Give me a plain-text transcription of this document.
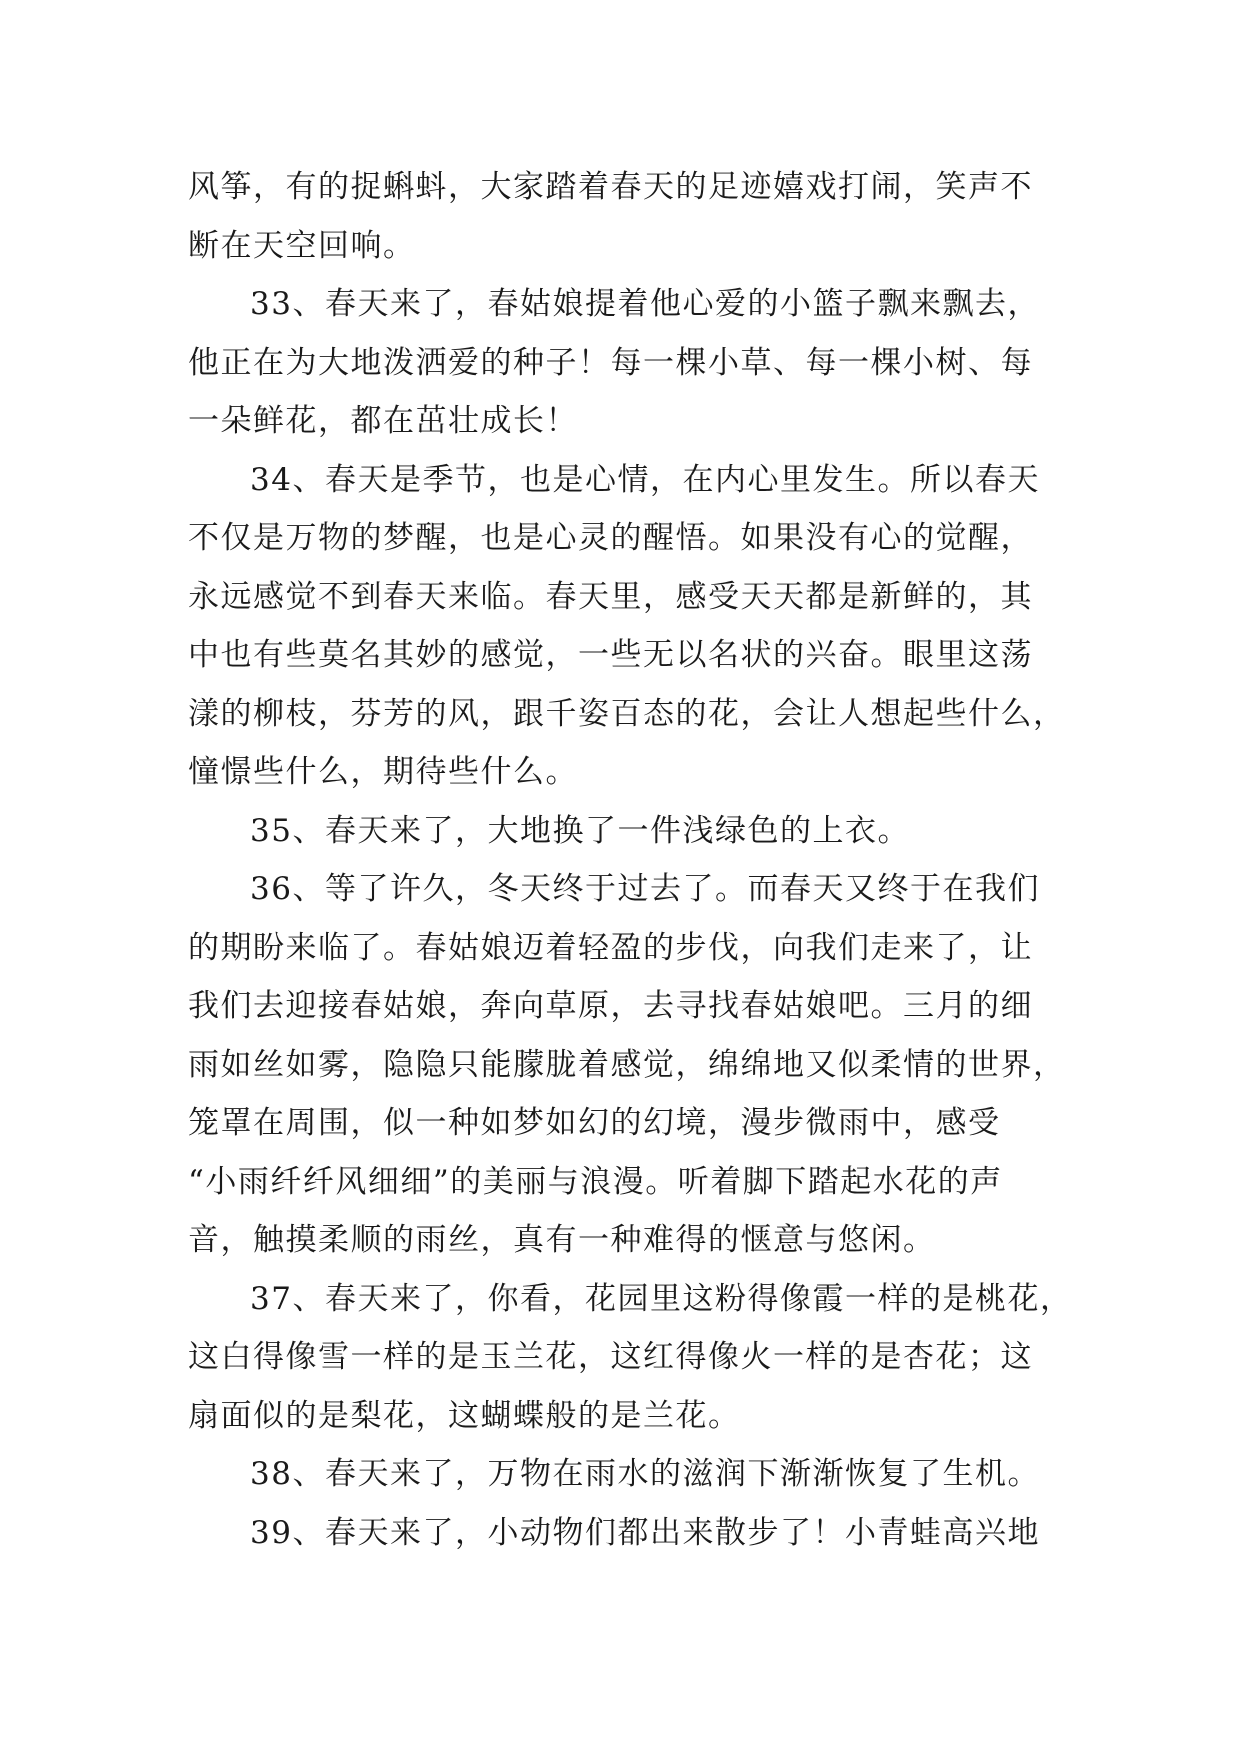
风筝，有的捉蝌蚪，大家踏着春天的足迹嬉戏打闹，笑声不
断在天空回响。
33、春天来了，春姑娘提着他心爱的小篮子飘来飘去，
他正在为大地泼洒爱的种子！每一棵小草、每一棵小树、每
一朵鲜花，都在茁壮成长！
34、春天是季节，也是心情，在内心里发生。所以春天
不仅是万物的梦醒，也是心灵的醒悟。如果没有心的觉醒，
永远感觉不到春天来临。春天里，感受天天都是新鲜的，其
中也有些莫名其妙的感觉，一些无以名状的兴奋。眼里这荡
漾的柳枝，芬芳的风，跟千姿百态的花，会让人想起些什么，
憧憬些什么，期待些什么。
35、春天来了，大地换了一件浅绿色的上衣。
36、等了许久，冬天终于过去了。而春天又终于在我们
的期盼来临了。春姑娘迈着轻盈的步伐，向我们走来了，让
我们去迎接春姑娘，奔向草原，去寻找春姑娘吧。三月的细
雨如丝如雾，隐隐只能朦胧着感觉，绵绵地又似柔情的世界，
笼罩在周围，似一种如梦如幻的幻境，漫步微雨中，感受
“小雨纤纤风细细”的美丽与浪漫。听着脚下踏起水花的声
音，触摸柔顺的雨丝，真有一种难得的惬意与悠闲。
37、春天来了，你看，花园里这粉得像霞一样的是桃花，
这白得像雪一样的是玉兰花，这红得像火一样的是杏花；这
扇面似的是梨花，这蝴蝶般的是兰花。
38、春天来了，万物在雨水的滋润下渐渐恢复了生机。
39、春天来了，小动物们都出来散步了！小青蛙高兴地
